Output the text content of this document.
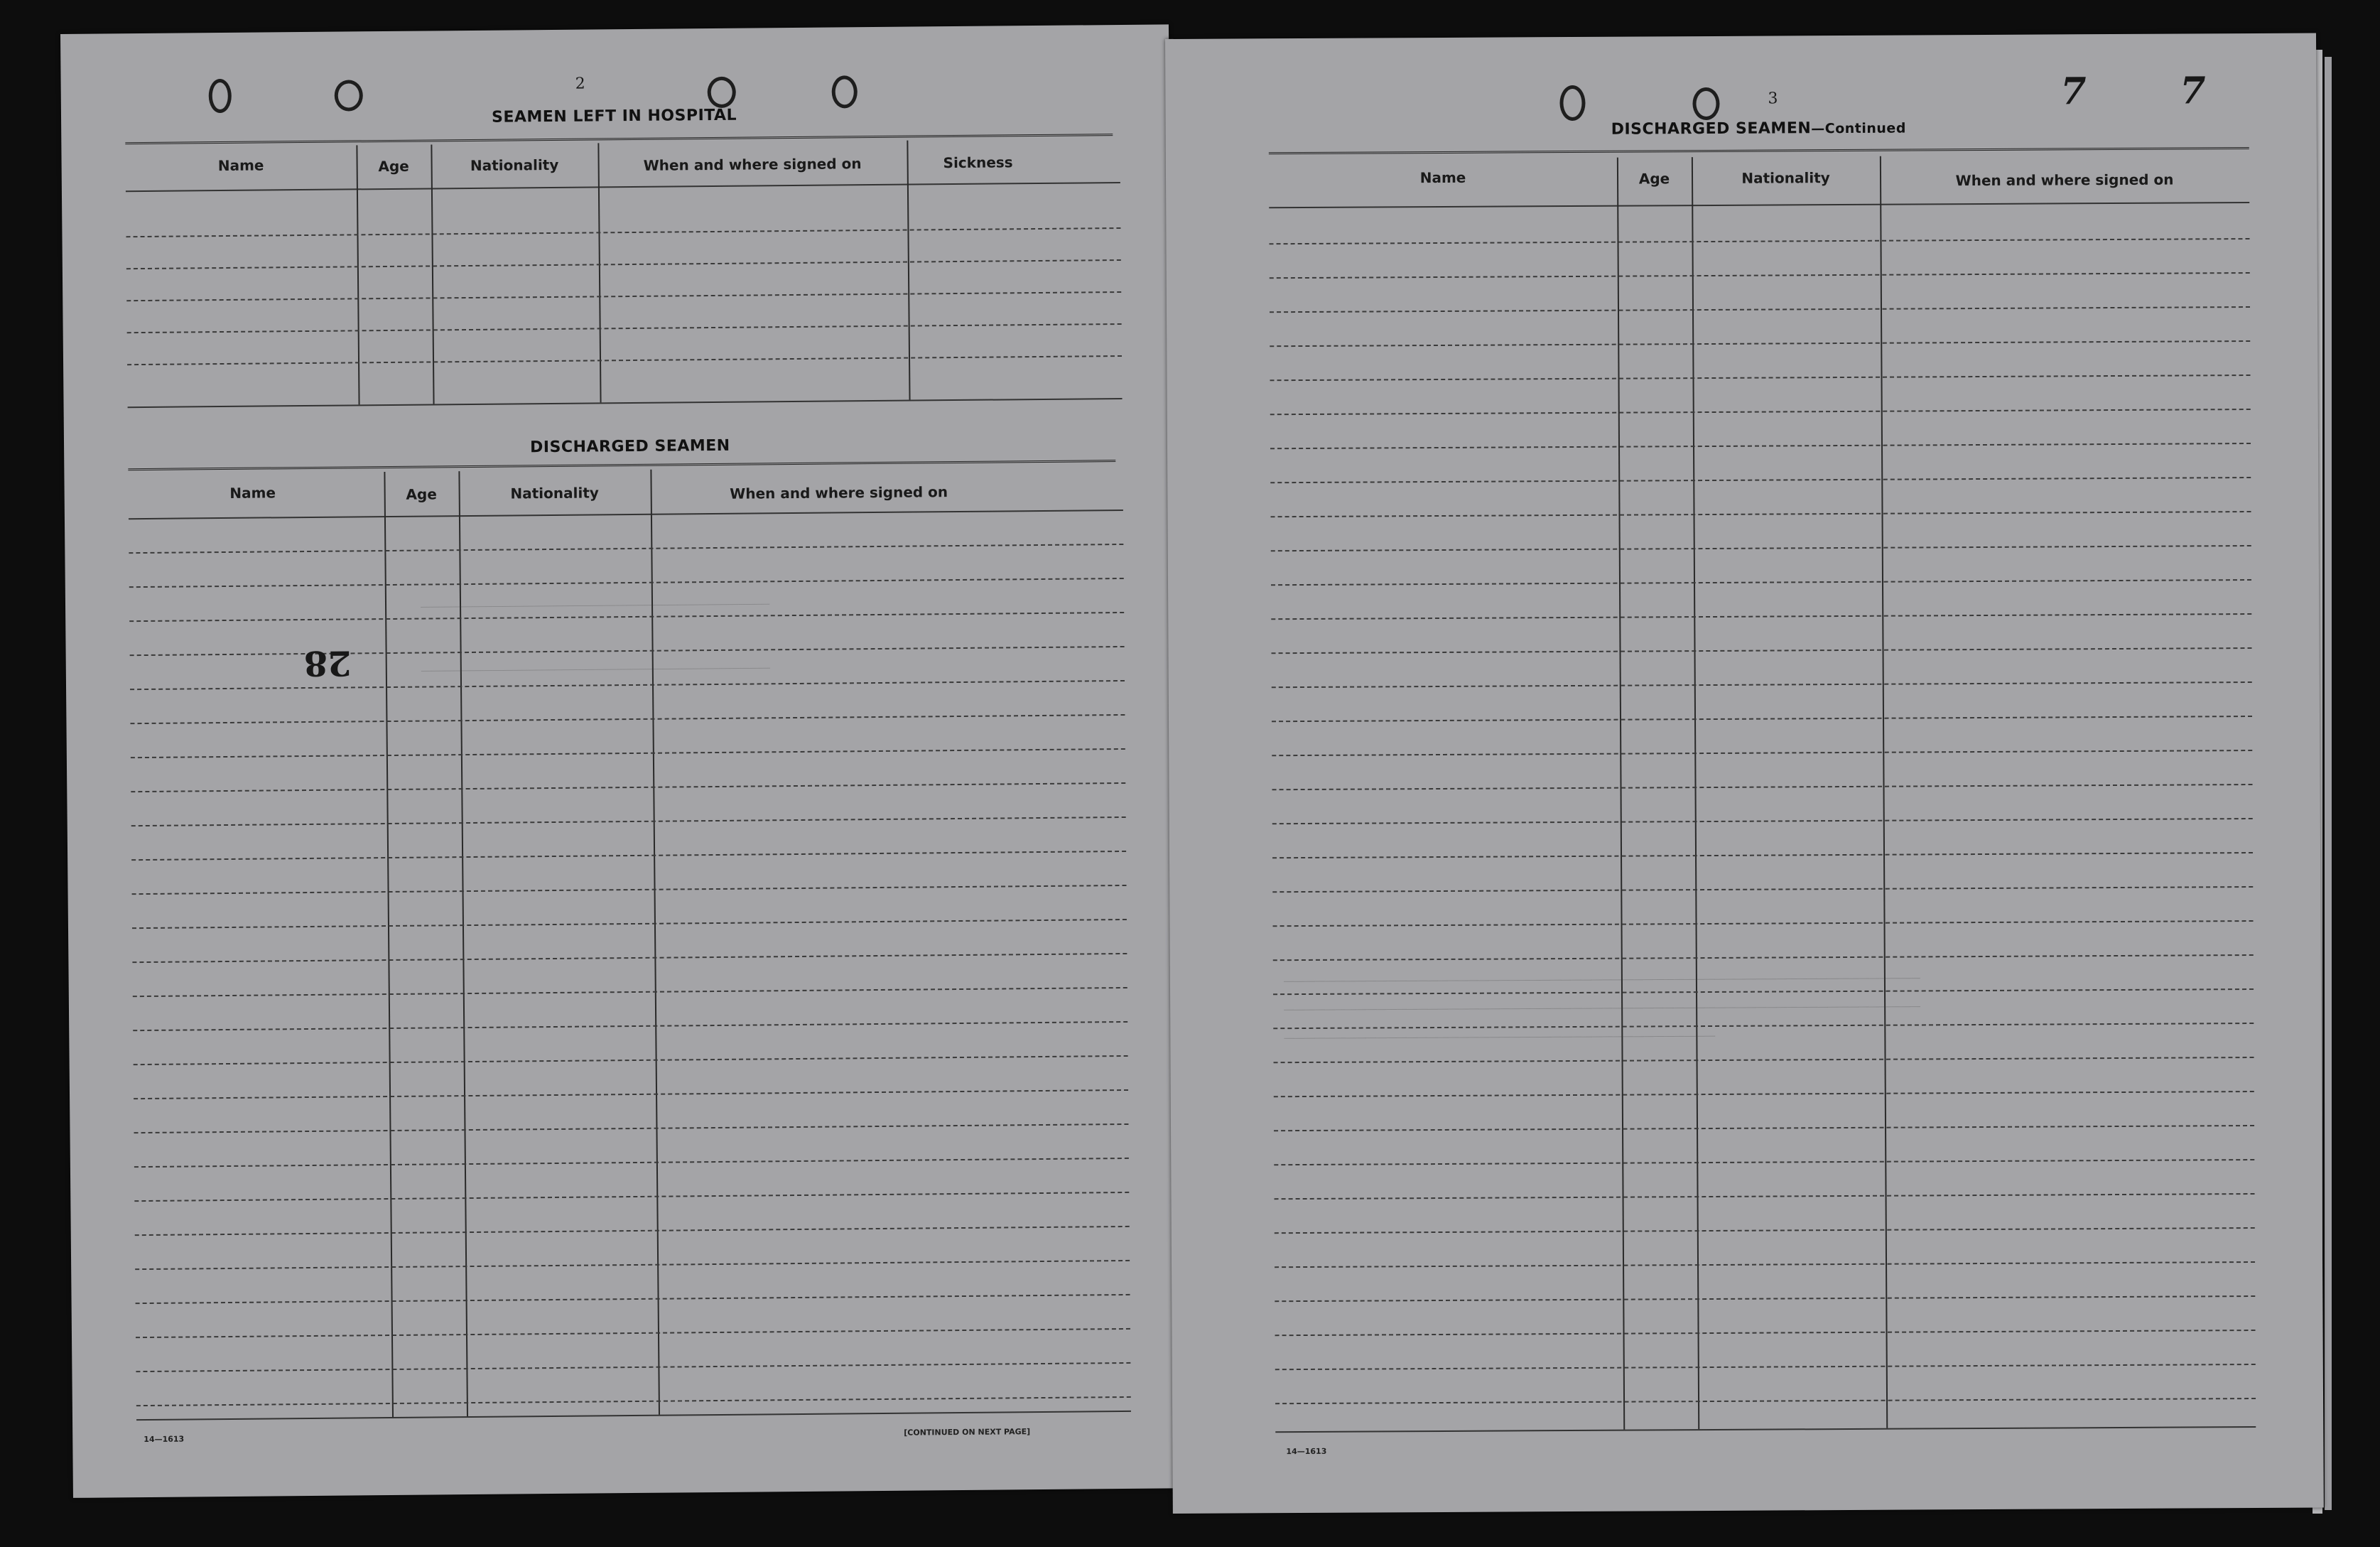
2
SEAMEN LEFT IN HOSPITAL
Name	Age	Nationality	When and where signed on	Sickness
DISCHARGED SEAMEN
Name	Age	Nationality	When and where signed on
28
14—1613
[CONTINUED ON NEXT PAGE]
__________________________________
__________________________________
3	7	7
DISCHARGED SEAMEN—Continued
Name	Age	Nationality	When and where signed on
14—1613
______________________________________________________________
______________________________________________________________
__________________________________________
